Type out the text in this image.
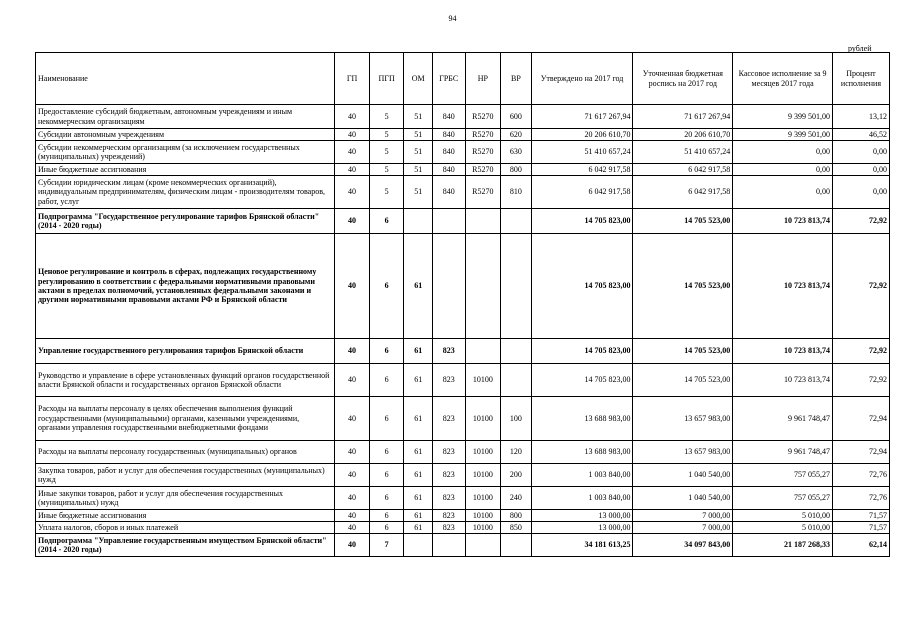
94
рублей
Наименование	ГП	ПГП	ОМ	ГРБС	НР	ВР	Утверждено на 2017 год	Уточненная бюджетная роспись на 2017 год	Кассовое исполнение за 9 месяцев 2017 года	Процент исполнения
Предоставление субсидий бюджетным, автономным учреждениям и иным некоммерческим организациям	40	5	51	840	R5270	600	71 617 267,94	71 617 267,94	9 399 501,00	13,12
Субсидии автономным учреждениям	40	5	51	840	R5270	620	20 206 610,70	20 206 610,70	9 399 501,00	46,52
Субсидии некоммерческим организациям (за исключением государственных (муниципальных) учреждений)	40	5	51	840	R5270	630	51 410 657,24	51 410 657,24	0,00	0,00
Иные бюджетные ассигнования	40	5	51	840	R5270	800	6 042 917,58	6 042 917,58	0,00	0,00
Субсидии юридическим лицам (кроме некоммерческих организаций), индивидуальным предпринимателям, физическим лицам - производителям товаров, работ, услуг	40	5	51	840	R5270	810	6 042 917,58	6 042 917,58	0,00	0,00
Подпрограмма "Государственное регулирование тарифов Брянской области" (2014 - 2020 годы)	40	6					14 705 823,00	14 705 523,00	10 723 813,74	72,92
Ценовое регулирование и контроль в сферах, подлежащих государственному регулированию в соответствии с федеральными нормативными правовыми актами в пределах полномочий, установленных федеральными законами и другими нормативными правовыми актами РФ и Брянской области	40	6	61				14 705 823,00	14 705 523,00	10 723 813,74	72,92
Управление государственного регулирования тарифов Брянской области	40	6	61	823			14 705 823,00	14 705 523,00	10 723 813,74	72,92
Руководство и управление в сфере установленных функций органов государственной власти Брянской области и государственных органов Брянской области	40	6	61	823	10100		14 705 823,00	14 705 523,00	10 723 813,74	72,92
Расходы на выплаты персоналу в целях обеспечения выполнения функций государственными (муниципальными) органами, казенными учреждениями, органами управления государственными внебюджетными фондами	40	6	61	823	10100	100	13 688 983,00	13 657 983,00	9 961 748,47	72,94
Расходы на выплаты персоналу государственных (муниципальных) органов	40	6	61	823	10100	120	13 688 983,00	13 657 983,00	9 961 748,47	72,94
Закупка товаров, работ и услуг для обеспечения государственных (муниципальных) нужд	40	6	61	823	10100	200	1 003 840,00	1 040 540,00	757 055,27	72,76
Иные закупки товаров, работ и услуг для обеспечения государственных (муниципальных) нужд	40	6	61	823	10100	240	1 003 840,00	1 040 540,00	757 055,27	72,76
Иные бюджетные ассигнования	40	6	61	823	10100	800	13 000,00	7 000,00	5 010,00	71,57
Уплата налогов, сборов и иных платежей	40	6	61	823	10100	850	13 000,00	7 000,00	5 010,00	71,57
Подпрограмма "Управление государственным имуществом Брянской области" (2014 - 2020 годы)	40	7					34 181 613,25	34 097 843,00	21 187 268,33	62,14
